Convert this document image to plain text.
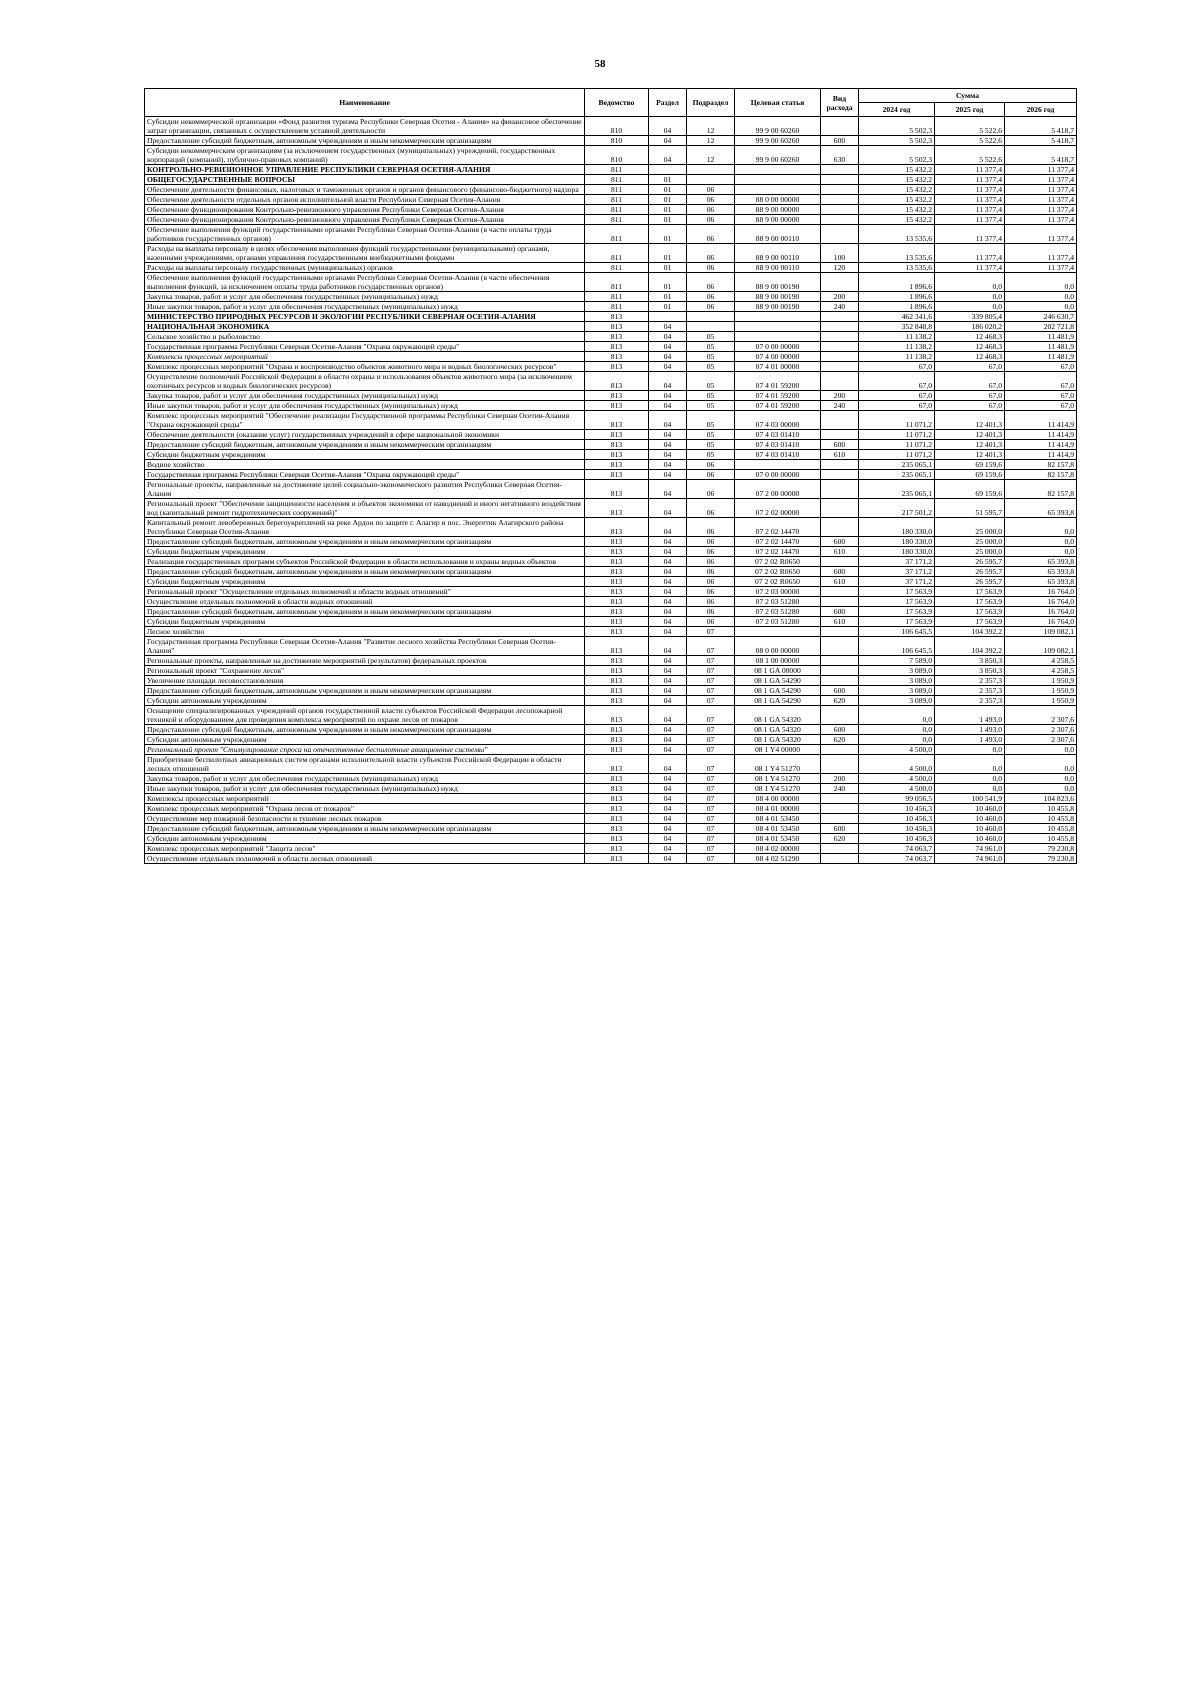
58
Наименование	Ведомство	Раздел	Подраздел	Целевая статья	Вид расхода	Сумма		
						2024 год	2025 год	2026 год
Субсидии некоммерческой организации «Фонд развития туризма Республики Северная Осетия - Алания» на финансовое обеспечение затрат организации, связанных с осуществлением уставной деятельности	810	04	12	99 9 00 60260		5 502,3	5 522,6	5 418,7
Предоставление субсидий бюджетным, автономным учреждениям и иным некоммерческим организациям	810	04	12	99 9 00 60260	600	5 502,3	5 522,6	5 418,7
Субсидии некоммерческим организациям (за исключением государственных (муниципальных) учреждений, государственных корпораций (компаний), публично-правовых компаний)	810	04	12	99 9 00 60260	630	5 502,3	5 522,6	5 418,7
КОНТРОЛЬНО-РЕВИЗИОННОЕ УПРАВЛЕНИЕ РЕСПУБЛИКИ СЕВЕРНАЯ ОСЕТИЯ-АЛАНИЯ	811					15 432,2	11 377,4	11 377,4
ОБЩЕГОСУДАРСТВЕННЫЕ ВОПРОСЫ	811	01				15 432,2	11 377,4	11 377,4
Обеспечение деятельности финансовых, налоговых и таможенных органов и органов финансового (финансово-бюджетного) надзора	811	01	06			15 432,2	11 377,4	11 377,4
Обеспечение деятельности отдельных органов исполнительной власти Республики Северная Осетия-Алания	811	01	06	88 0 00 00000		15 432,2	11 377,4	11 377,4
Обеспечение функционирования Контрольно-ревизионного управления Республики Северная Осетия-Алания	811	01	06	88 9 00 00000		15 432,2	11 377,4	11 377,4
Обеспечение функционирования Контрольно-ревизионного управления Республики Северная Осетия-Алания	811	01	06	88 9 00 00000		15 432,2	11 377,4	11 377,4
Обеспечение выполнения функций государственными органами Республики Северная Осетия-Алания (в части оплаты труда работников государственных органов)	811	01	06	88 9 00 00110		13 535,6	11 377,4	11 377,4
Расходы на выплаты персоналу в целях обеспечения выполнения функций государственными (муниципальными) органами, казенными учреждениями, органами управления государственными внебюджетными фондами	811	01	06	88 9 00 00110	100	13 535,6	11 377,4	11 377,4
Расходы на выплаты персоналу государственных (муниципальных) органов	811	01	06	88 9 00 00110	120	13 535,6	11 377,4	11 377,4
Обеспечение выполнения функций государственными органами Республики Северная Осетия-Алания (в части обеспечения выполнения функций, за исключением оплаты труда работников государственных органов)	811	01	06	88 9 00 00190		1 896,6	0,0	0,0
Закупка товаров, работ и услуг для обеспечения государственных (муниципальных) нужд	811	01	06	88 9 00 00190	200	1 896,6	0,0	0,0
Иные закупки товаров, работ и услуг для обеспечения государственных (муниципальных) нужд	811	01	06	88 9 00 00190	240	1 896,6	0,0	0,0
МИНИСТЕРСТВО ПРИРОДНЫХ РЕСУРСОВ И ЭКОЛОГИИ РЕСПУБЛИКИ СЕВЕРНАЯ ОСЕТИЯ-АЛАНИЯ	813					462 341,6	339 805,4	246 630,7
НАЦИОНАЛЬНАЯ ЭКОНОМИКА	813	04				352 848,8	186 020,2	202 721,8
Сельское хозяйство и рыболовство	813	04	05			11 138,2	12 468,3	11 481,9
Государственная программа Республики Северная Осетия-Алания "Охрана окружающей среды"	813	04	05	07 0 00 00000		11 138,2	12 468,3	11 481,9
Комплексы процессных мероприятий	813	04	05	07 4 00 00000		11 138,2	12 468,3	11 481,9
Комплекс процессных мероприятий "Охрана и воспроизводство объектов животного мира и водных биологических ресурсов"	813	04	05	07 4 01 00000		67,0	67,0	67,0
Осуществление полномочий Российской Федерации в области охраны и использования объектов животного мира (за исключением охотничьих ресурсов и водных биологических ресурсов)	813	04	05	07 4 01 59200		67,0	67,0	67,0
Закупка товаров, работ и услуг для обеспечения государственных (муниципальных) нужд	813	04	05	07 4 01 59200	200	67,0	67,0	67,0
Иные закупки товаров, работ и услуг для обеспечения государственных (муниципальных) нужд	813	04	05	07 4 01 59200	240	67,0	67,0	67,0
Комплекс процессных мероприятий "Обеспечение реализации Государственной программы Республики Северная Осетия-Алания "Охрана окружающей среды"	813	04	05	07 4 03 00000		11 071,2	12 401,3	11 414,9
Обеспечение деятельности (оказание услуг) государственных учреждений в сфере национальной экономики	813	04	05	07 4 03 01410		11 071,2	12 401,3	11 414,9
Предоставление субсидий бюджетным, автономным учреждениям и иным некоммерческим организациям	813	04	05	07 4 03 01410	600	11 071,2	12 401,3	11 414,9
Субсидии бюджетным учреждениям	813	04	05	07 4 03 01410	610	11 071,2	12 401,3	11 414,9
Водное хозяйство	813	04	06			235 065,1	69 159,6	82 157,8
Государственная программа Республики Северная Осетия-Алания "Охрана окружающей среды"	813	04	06	07 0 00 00000		235 065,1	69 159,6	82 157,8
Региональные проекты, направленные на достижение целей социально-экономического развития Республики Северная Осетия-Алания	813	04	06	07 2 00 00000		235 065,1	69 159,6	82 157,8
Региональный проект "Обеспечение защищенности населения и объектов экономики от наводнений и иного негативного воздействия вод (капитальный ремонт гидротехнических сооружений)"	813	04	06	07 2 02 00000		217 501,2	51 595,7	65 393,8
Капитальный ремонт левобережных берегоукреплений на реке Ардон по защите г. Алагир и пос. Энергетик Алагирского района Республики Северная Осетия-Алания	813	04	06	07 2 02 14470		180 330,0	25 000,0	0,0
Предоставление субсидий бюджетным, автономным учреждениям и иным некоммерческим организациям	813	04	06	07 2 02 14470	600	180 330,0	25 000,0	0,0
Субсидии бюджетным учреждениям	813	04	06	07 2 02 14470	610	180 330,0	25 000,0	0,0
Реализация государственных программ субъектов Российской Федерации в области использования и охраны водных объектов	813	04	06	07 2 02 R0650		37 171,2	26 595,7	65 393,8
Предоставление субсидий бюджетным, автономным учреждениям и иным некоммерческим организациям	813	04	06	07 2 02 R0650	600	37 171,2	26 595,7	65 393,8
Субсидии бюджетным учреждениям	813	04	06	07 2 02 R0650	610	37 171,2	26 595,7	65 393,8
Региональный проект "Осуществление отдельных полномочий в области водных отношений"	813	04	06	07 2 03 00000		17 563,9	17 563,9	16 764,0
Осуществление отдельных полномочий в области водных отношений	813	04	06	07 2 03 51280		17 563,9	17 563,9	16 764,0
Предоставление субсидий бюджетным, автономным учреждениям и иным некоммерческим организациям	813	04	06	07 2 03 51280	600	17 563,9	17 563,9	16 764,0
Субсидии бюджетным учреждениям	813	04	06	07 2 03 51280	610	17 563,9	17 563,9	16 764,0
Лесное хозяйство	813	04	07			106 645,5	104 392,2	109 082,1
Государственная программа Республики Северная Осетия-Алания "Развитие лесного хозяйства Республики Северная Осетия-Алания"	813	04	07	08 0 00 00000		106 645,5	104 392,2	109 082,1
Региональные проекты, направленные на достижение мероприятий (результатов) федеральных проектов	813	04	07	08 1 00 00000		7 589,0	3 850,3	4 258,5
Региональный проект "Сохранение лесов"	813	04	07	08 1 GA 00000		3 089,0	3 850,3	4 258,5
Увеличение площади лесовосстановления	813	04	07	08 1 GA 54290		3 089,0	2 357,3	1 950,9
Предоставление субсидий бюджетным, автономным учреждениям и иным некоммерческим организациям	813	04	07	08 1 GA 54290	600	3 089,0	2 357,3	1 950,9
Субсидии автономным учреждениям	813	04	07	08 1 GA 54290	620	3 089,0	2 357,3	1 950,9
Оснащение специализированных учреждений органов государственной власти субъектов Российской Федерации лесопожарной техникой и оборудованием для проведения комплекса мероприятий по охране лесов от пожаров	813	04	07	08 1 GA 54320		0,0	1 493,0	2 307,6
Предоставление субсидий бюджетным, автономным учреждениям и иным некоммерческим организациям	813	04	07	08 1 GA 54320	600	0,0	1 493,0	2 307,6
Субсидии автономным учреждениям	813	04	07	08 1 GA 54320	620	0,0	1 493,0	2 307,6
Региональный проект "Стимулирование спроса на отечественные беспилотные авиационные системы"	813	04	07	08 1 Y4 00000		4 500,0	0,0	0,0
Приобретение беспилотных авиационных систем органами исполнительной власти субъектов Российской Федерации в области лесных отношений	813	04	07	08 1 Y4 51270		4 500,0	0,0	0,0
Закупка товаров, работ и услуг для обеспечения государственных (муниципальных) нужд	813	04	07	08 1 Y4 51270	200	4 500,0	0,0	0,0
Иные закупки товаров, работ и услуг для обеспечения государственных (муниципальных) нужд	813	04	07	08 1 Y4 51270	240	4 500,0	0,0	0,0
Комплексы процессных мероприятий	813	04	07	08 4 00 00000		99 056,5	100 541,9	104 823,6
Комплекс процессных мероприятий "Охрана лесов от пожаров"	813	04	07	08 4 01 00000		10 456,3	10 460,0	10 455,8
Осуществление мер пожарной безопасности и тушение лесных пожаров	813	04	07	08 4 01 53450		10 456,3	10 460,0	10 455,8
Предоставление субсидий бюджетным, автономным учреждениям и иным некоммерческим организациям	813	04	07	08 4 01 53450	600	10 456,3	10 460,0	10 455,8
Субсидии автономным учреждениям	813	04	07	08 4 01 53450	620	10 456,3	10 460,0	10 455,8
Комплекс процессных мероприятий "Защита лесов"	813	04	07	08 4 02 00000		74 063,7	74 961,0	79 230,8
Осуществление отдельных полномочий в области лесных отношений	813	04	07	08 4 02 51290		74 063,7	74 961,0	79 230,8
